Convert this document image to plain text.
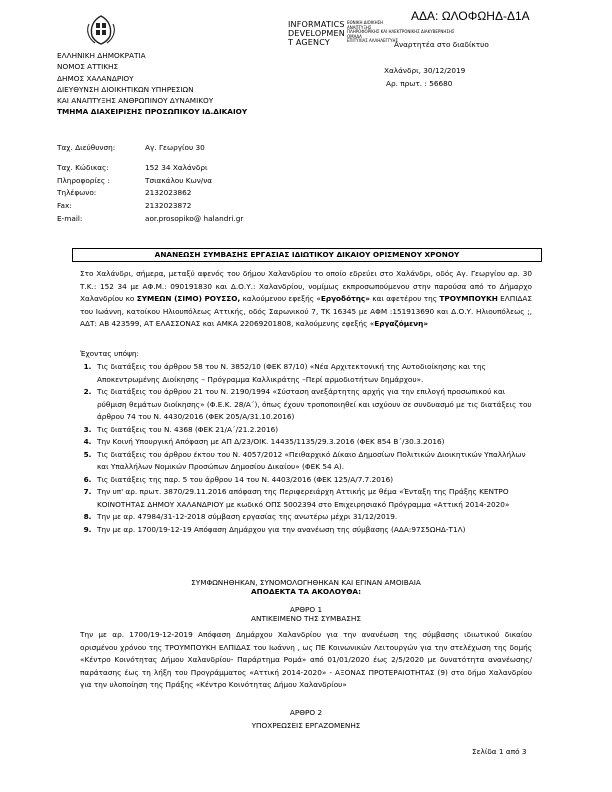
ΕΛΛΗΝΙΚΗ ΔΗΜΟΚΡΑΤΙΑ
ΝΟΜΟΣ ΑΤΤΙΚΗΣ
ΔΗΜΟΣ ΧΑΛΑΝΔΡΙΟΥ
ΔΙΕΥΘΥΝΣΗ ΔΙΟΙΚΗΤΙΚΩΝ ΥΠΗΡΕΣΙΩΝ
ΚΑΙ ΑΝΑΠΤΥΞΗΣ ΑΝΘΡΩΠΙΝΟΥ ΔΥΝΑΜΙΚΟΥ
ΤΜΗΜΑ ΔΙΑΧΕΙΡΙΣΗΣ ΠΡΟΣΩΠΙΚΟΥ ΙΔ.ΔΙΚΑΙΟΥ
INFORMATICS
DEVELOPMEN
T AGENCY
ΕΘΝΙΚΗ ΔΙΟΙΚΗΣΗ
ΑΝΑΠΤΥΞΗΣ
ΠΛΗΡΟΦΟΡΙΚΗΣ ΚΑΙ ΗΛΕΚΤΡΟΝΙΚΗΣ ΔΙΑΚΥΒΕΡΝΗΣΗΣ
ΟΜΑΔΑ
ΕΠΙΤΥΧΙΑΣ ΑΛΛΗΛΕΓΓΥΗΣ
ΑΔΑ: ΩΛΟΦΩΗΔ-Δ1Α
Αναρτητέα στο διαδίκτυο
Χαλάνδρι, 30/12/2019
Αρ. πρωτ. : 56680
Ταχ. Διεύθυνση:	Αγ. Γεωργίου 30
Ταχ. Κώδικας:	152 34 Χαλάνδρι
Πληροφορίες :	Τσιακάλου Κων/να
Τηλέφωνο:	2132023862
Fax:	2132023872
E-mail:	aor.prosopiko@ halandri.gr
ΑΝΑΝΕΩΣΗ ΣΥΜΒΑΣΗΣ ΕΡΓΑΣΙΑΣ ΙΔΙΩΤΙΚΟΥ ΔΙΚΑΙΟΥ ΟΡΙΣΜΕΝΟΥ ΧΡΟΝΟΥ
Στο Χαλάνδρι, σήμερα, μεταξύ αφενός του δήμου Χαλανδρίου το οποίο εδρεύει στο Χαλάνδρι, οδός Αγ. Γεωργίου αρ. 30 Τ.Κ.: 152 34 με ΑΦ.Μ.: 090191830 και Δ.Ο.Υ.: Χαλανδρίου, νομίμως εκπροσωπούμενου στην παρούσα από το Δήμαρχο Χαλανδρίου κο ΣΥΜΕΩΝ (ΣΙΜΟ) ΡΟΥΣΣΟ, καλούμενου εφεξής «Εργοδότης» και αφετέρου της ΤΡΟΥΜΠΟΥΚΗ ΕΛΠΙΔΑΣ του Ιωάννη, κατοίκου Ηλιουπόλεως Αττικής, οδός Σαρωνικού 7, ΤΚ 16345 με ΑΦΜ :151913690 και Δ.Ο.Υ. Ηλιουπόλεως ;, ΑΔΤ: ΑΒ 423599, ΑΤ ΕΛΑΣΣΟΝΑΣ και ΑΜΚΑ 22069201808, καλούμενης εφεξής «Εργαζόμενη»
Έχοντας υπόψη:
1. Τις διατάξεις του άρθρου 58 του Ν. 3852/10 (ΦΕΚ 87/10) «Νέα Αρχιτεκτονική της Αυτοδιοίκησης και της Αποκεντρωμένης Διοίκησης – Πρόγραμμα Καλλικράτης –Περί αρμοδιοτήτων δημάρχου».
2. Τις διατάξεις του άρθρου 21 του Ν. 2190/1994 «Σύσταση ανεξάρτητης αρχής για την επιλογή προσωπικού και ρύθμιση θεμάτων διοίκησης» (Φ.Ε.Κ. 28/Α΄), όπως έχουν τροποποιηθεί και ισχύουν σε συνδυασμό με τις διατάξεις του άρθρου 74 του Ν. 4430/2016 (ΦΕΚ 205/Α/31.10.2016)
3. Τις διατάξεις του Ν. 4368 (ΦΕΚ 21/Α΄/21.2.2016)
4. Την Κοινή Υπουργική Απόφαση με ΑΠ Δ/23/ΟΙΚ. 14435/1135/29.3.2016 (ΦΕΚ 854 Β΄/30.3.2016)
5. Τις διατάξεις του άρθρου έκτου του Ν. 4057/2012 «Πειθαρχικό Δίκαιο Δημοσίων Πολιτικών Διοικητικών Υπαλλήλων και Υπαλλήλων Νομικών Προσώπων Δημοσίου Δικαίου» (ΦΕΚ 54 Α).
6. Τις διατάξεις της παρ. 5 του άρθρου 14 του Ν. 4403/2016 (ΦΕΚ 125/Α/7.7.2016)
7. Την υπ' αρ. πρωτ. 3870/29.11.2016 απόφαση της Περιφερειάρχη Αττικής με θέμα «Ένταξη της Πράξης ΚΕΝΤΡΟ ΚΟΙΝΟΤΗΤΑΣ ΔΗΜΟΥ ΧΑΛΑΝΔΡΙΟΥ με κωδικό ΟΠΣ 5002394 στο Επιχειρησιακό Πρόγραμμα «Αττική 2014-2020»
8. Την με αρ. 47984/31-12-2018 σύμβαση εργασίας της ανωτέρω μέχρι 31/12/2019.
9. Την με αρ. 1700/19-12-19 Απόφαση Δημάρχου για την ανανέωση της σύμβασης (ΑΔΑ:97Σ5ΩΗΔ-Τ1Λ)
ΣΥΜΦΩΝΗΘΗΚΑΝ, ΣΥΝΟΜΟΛΟΓΗΘΗΚΑΝ ΚΑΙ ΕΓΙΝΑΝ ΑΜΟΙΒΑΙΑ
ΑΠΟΔΕΚΤΑ ΤΑ ΑΚΟΛΟΥΘΑ:
ΑΡΘΡΟ 1
ΑΝΤΙΚΕΙΜΕΝΟ ΤΗΣ ΣΥΜΒΑΣΗΣ
Την με αρ. 1700/19-12-2019 Απόφαση Δημάρχου Χαλανδρίου για την ανανέωση της σύμβασης ιδιωτικού δικαίου ορισμένου χρόνου της ΤΡΟΥΜΠΟΥΚΗ ΕΛΠΙΔΑΣ του Ιωάννη , ως ΠΕ Κοινωνικών Λειτουργών για την στελέχωση της δομής «Κέντρο Κοινότητας Δήμου Χαλανδρίου- Παράρτημα Ρομά» από 01/01/2020 έως 2/5/2020 με δυνατότητα ανανέωσης/παράτασης έως τη λήξη του Προγράμματος «Αττική 2014-2020» - ΑΞΟΝΑΣ ΠΡΟΤΕΡΑΙΟΤΗΤΑΣ (9) στο δήμο Χαλανδρίου για την υλοποίηση της Πράξης «Κέντρο Κοινότητας Δήμου Χαλανδρίου»
ΑΡΘΡΟ 2
ΥΠΟΧΡΕΩΣΕΙΣ ΕΡΓΑΖΟΜΕΝΗΣ
Σελίδα 1 από 3
